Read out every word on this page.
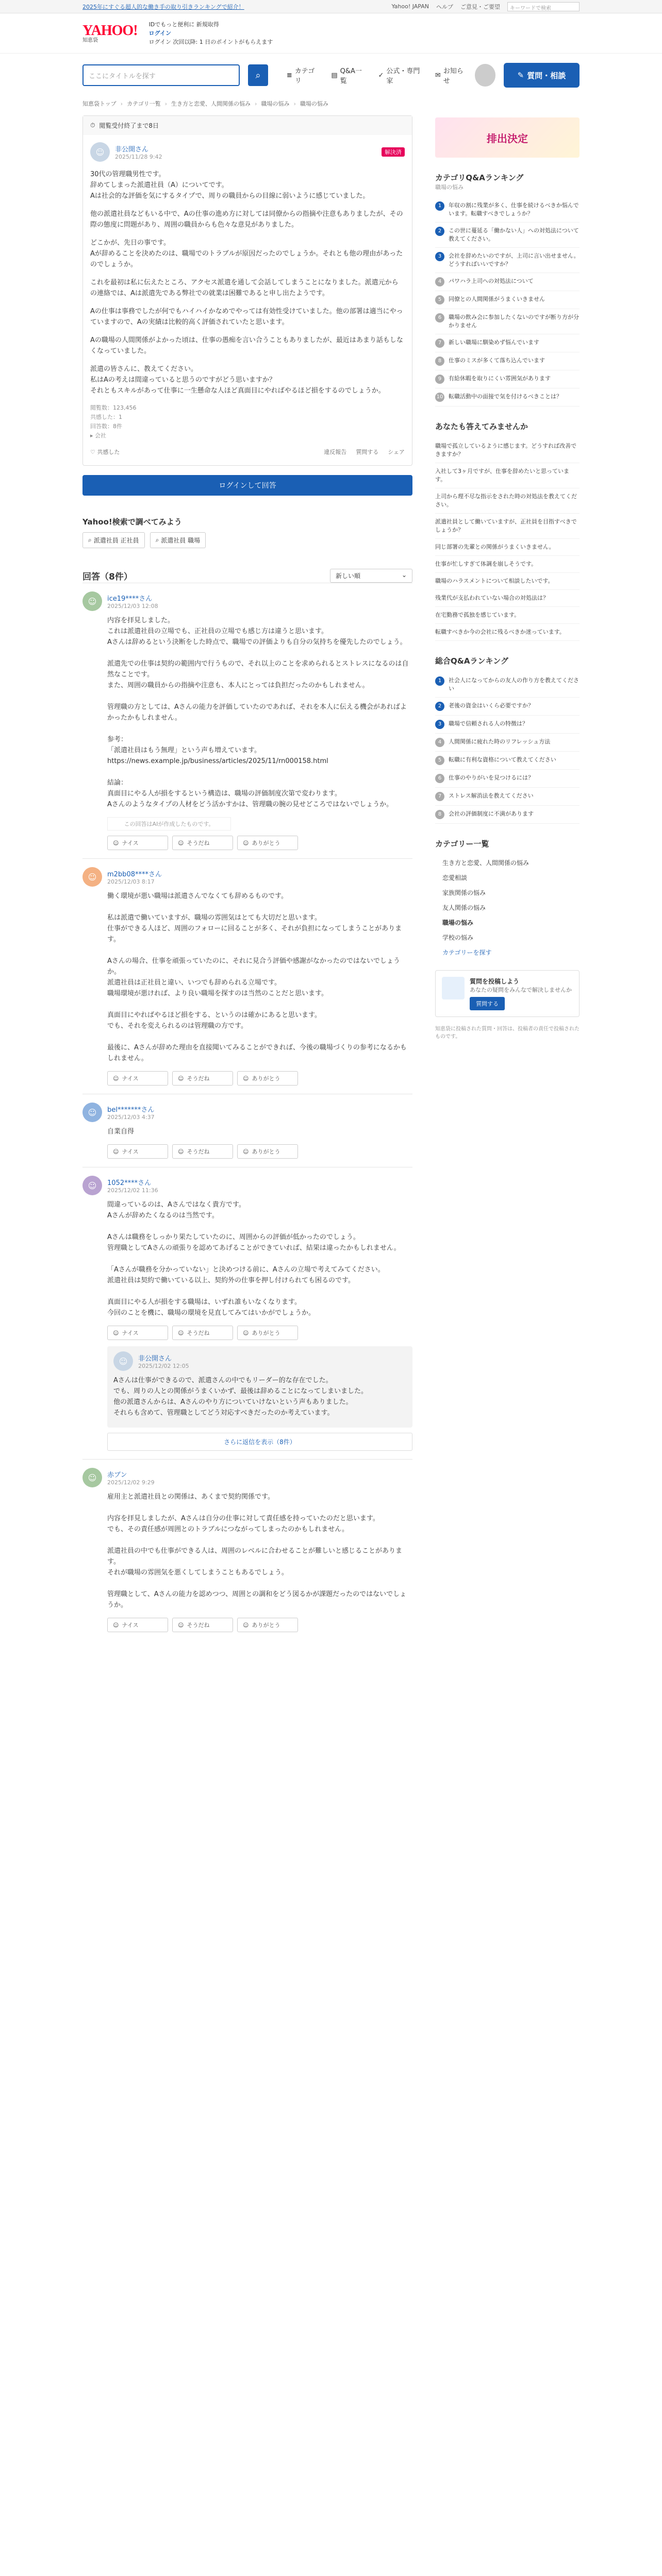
2025年にすぐる超人的な働き手の取り引きランキングで紹介！	Yahoo! JAPAN ヘルプ ご意見・ご要望	キーワードで検索
YAHOO!
知恵袋
IDでもっと便利に 新規取得
ログイン
ログイン 次回以降: 1 日のポイントがもらえます
ここにタイトルを探す	⌕	≡ カテゴリ
▤ Q&A一覧
✓ 公式・専門家
✉ お知らせ
✎ 質問・相談
知恵袋トップ › カテゴリ一覧 › 生き方と恋愛、人間関係の悩み › 職場の悩み › 職場の悩み
⏱ 閲覧受付終了まで8日
☺	非公開さん
2025/11/28 9:42
解決済
30代の管理職男性です。
辞めてしまった派遣社員（A）についてです。
Aは社会的な評価を気にするタイプで、周りの職員からの目線に弱いように感じていました。
他の派遣社員などもいる中で、Aの仕事の進め方に対しては同僚からの指摘や注意もありましたが、その際の態度に問題があり、周囲の職員からも色々な意見がありました。
どこかが、先日の事です。
Aが辞めることを決めたのは、職場でのトラブルが原因だったのでしょうか。それとも他の理由があったのでしょうか。
これを最初は私に伝えたところ、アクセス派遣を通して会話してしまうことになりました。派遣元からの連絡では、Aは派遣先である弊社での就業は困難であると申し出たようです。
Aの仕事は事務でしたが何でもハイハイかなめでやっては有効性受けていました。他の部署は適当にやっていますので、Aの実績は比較的高く評価されていたと思います。
Aの職場の人間関係がよかった頃は、仕事の愚痴を言い合うこともありましたが、最近はあまり話もしなくなっていました。
派遣の皆さんに、教えてください。
私はAの考えは間違っていると思うのですがどう思いますか？
それともスキルがあって仕事に一生懸命な人ほど真面目にやればやるほど損をするのでしょうか。
閲覧数：123,456
共感した：1
回答数：8件
▸ 会社
♡ 共感した	違反報告 質問する シェア
ログインして回答
Yahoo!検索で調べてみよう
⌕ 派遣社員 正社員	⌕ 派遣社員 職場
回答（8件）	新しい順	⌄
☺	ice19****さん
2025/12/03 12:08
内容を拝見しました。
これは派遣社員の立場でも、正社員の立場でも感じ方は違うと思います。
Aさんは辞めるという決断をした時点で、職場での評価よりも自分の気持ちを優先したのでしょう。

派遣先での仕事は契約の範囲内で行うもので、それ以上のことを求められるとストレスになるのは自然なことです。
また、周囲の職員からの指摘や注意も、本人にとっては負担だったのかもしれません。

管理職の方としては、Aさんの能力を評価していたのであれば、それを本人に伝える機会があればよかったかもしれません。

参考：
「派遣社員はもう無理」という声も増えています。
https://news.example.jp/business/articles/2025/11/rn000158.html

結論：
真面目にやる人が損をするという構造は、職場の評価制度次第で変わります。
Aさんのようなタイプの人材をどう活かすかは、管理職の腕の見せどころではないでしょうか。
この回答はAIが作成したものです。
☺ ナイス	☺ そうだね	☺ ありがとう
☺	m2bb08****さん
2025/12/03 8:17
働く環境が悪い職場は派遣さんでなくても辞めるものです。

私は派遣で働いていますが、職場の雰囲気はとても大切だと思います。
仕事ができる人ほど、周囲のフォローに回ることが多く、それが負担になってしまうことがあります。

Aさんの場合、仕事を頑張っていたのに、それに見合う評価や感謝がなかったのではないでしょうか。
派遣社員は正社員と違い、いつでも辞められる立場です。
職場環境が悪ければ、より良い職場を探すのは当然のことだと思います。

真面目にやればやるほど損をする、というのは確かにあると思います。
でも、それを変えられるのは管理職の方です。

最後に、Aさんが辞めた理由を直接聞いてみることができれば、今後の職場づくりの参考になるかもしれません。
☺ ナイス	☺ そうだね	☺ ありがとう
☺	bel*******さん
2025/12/03 4:37
自業自得
☺ ナイス	☺ そうだね	☺ ありがとう
☺	1052****さん
2025/12/02 11:36
間違っているのは、Aさんではなく貴方です。
Aさんが辞めたくなるのは当然です。

Aさんは職務をしっかり果たしていたのに、周囲からの評価が低かったのでしょう。
管理職としてAさんの頑張りを認めてあげることができていれば、結果は違ったかもしれません。

「Aさんが職務を分かっていない」と決めつける前に、Aさんの立場で考えてみてください。
派遣社員は契約で働いている以上、契約外の仕事を押し付けられても困るのです。

真面目にやる人が損をする職場は、いずれ誰もいなくなります。
今回のことを機に、職場の環境を見直してみてはいかがでしょうか。
☺ ナイス	☺ そうだね	☺ ありがとう
☺	非公開さん
2025/12/02 12:05
Aさんは仕事ができるので、派遣さんの中でもリーダー的な存在でした。
でも、周りの人との関係がうまくいかず、最後は辞めることになってしまいました。
他の派遣さんからは、Aさんのやり方についていけないという声もありました。
それらも含めて、管理職としてどう対応すべきだったのか考えています。
さらに返信を表示（8件）
☺	赤ブン
2025/12/02 9:29
雇用主と派遣社員との関係は、あくまで契約関係です。

内容を拝見しましたが、Aさんは自分の仕事に対して責任感を持っていたのだと思います。
でも、その責任感が周囲とのトラブルにつながってしまったのかもしれません。

派遣社員の中でも仕事ができる人は、周囲のレベルに合わせることが難しいと感じることがあります。
それが職場の雰囲気を悪くしてしまうこともあるでしょう。

管理職として、Aさんの能力を認めつつ、周囲との調和をどう図るかが課題だったのではないでしょうか。
☺ ナイス	☺ そうだね	☺ ありがとう
排出決定
カテゴリQ&Aランキング
職場の悩み
1	年収の割に残業が多く、仕事を続けるべきか悩んでいます。転職すべきでしょうか？
2	この世に蔓延る「働かない人」への対処法について教えてください。
3	会社を辞めたいのですが、上司に言い出せません。どうすればいいですか？
4	パワハラ上司への対処法について
5	同僚との人間関係がうまくいきません
6	職場の飲み会に参加したくないのですが断り方が分かりません
7	新しい職場に馴染めず悩んでいます
8	仕事のミスが多くて落ち込んでいます
9	有給休暇を取りにくい雰囲気があります
10 転職活動中の面接で気を付けるべきことは？
あなたも答えてみませんか
職場で孤立しているように感じます。どうすれば改善できますか？
入社して3ヶ月ですが、仕事を辞めたいと思っています。
上司から理不尽な指示をされた時の対処法を教えてください。
派遣社員として働いていますが、正社員を目指すべきでしょうか？
同じ部署の先輩との関係がうまくいきません。
仕事が忙しすぎて体調を崩しそうです。
職場のハラスメントについて相談したいです。
残業代が支払われていない場合の対処法は？
在宅勤務で孤独を感じています。
転職すべきか今の会社に残るべきか迷っています。
総合Q&Aランキング
1	社会人になってからの友人の作り方を教えてください
2	老後の資金はいくら必要ですか？
3	職場で信頼される人の特徴は？
4	人間関係に疲れた時のリフレッシュ方法
5	転職に有利な資格について教えてください
6	仕事のやりがいを見つけるには？
7	ストレス解消法を教えてください
8	会社の評価制度に不満があります
カテゴリー一覧
生き方と恋愛、人間関係の悩み
恋愛相談
家族関係の悩み
友人関係の悩み
職場の悩み
学校の悩み
カテゴリーを探す
質問を投稿しよう
あなたの疑問をみんなで解決しませんか
質問する
知恵袋に投稿された質問・回答は、投稿者の責任で投稿されたものです。
